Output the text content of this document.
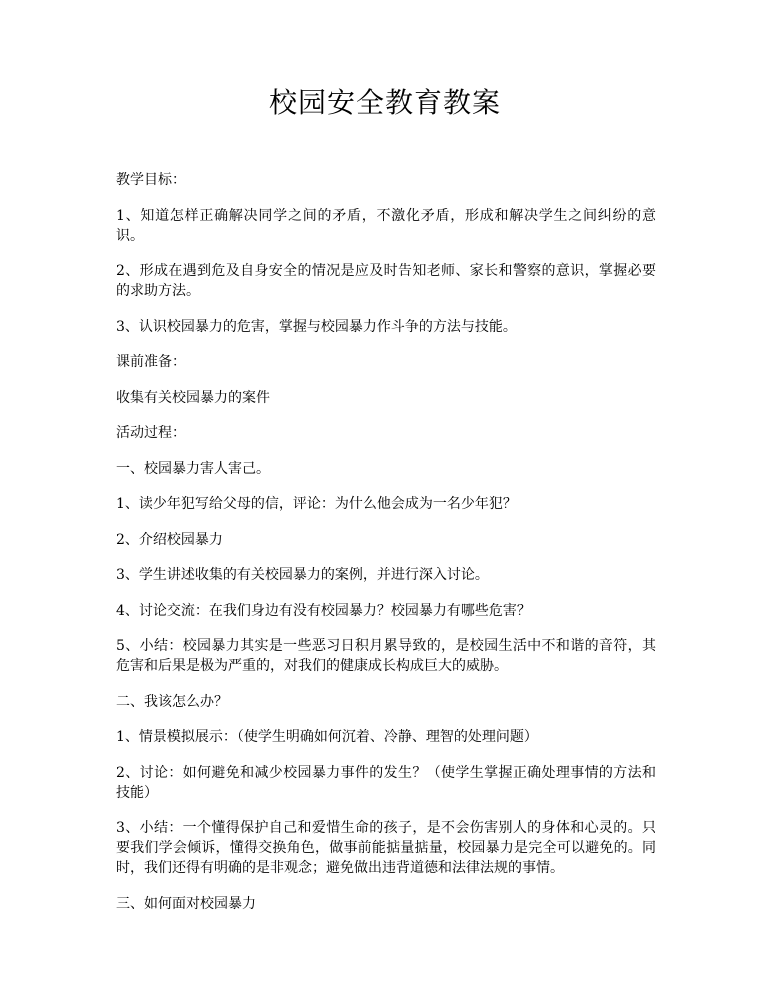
校园安全教育教案

教学目标：

1、知道怎样正确解决同学之间的矛盾，不激化矛盾，形成和解决学生之间纠纷的意识。

2、形成在遇到危及自身安全的情况是应及时告知老师、家长和警察的意识，掌握必要的求助方法。

3、认识校园暴力的危害，掌握与校园暴力作斗争的方法与技能。

课前准备：

收集有关校园暴力的案件

活动过程：

一、校园暴力害人害己。

1、读少年犯写给父母的信，评论：为什么他会成为一名少年犯？

2、介绍校园暴力

3、学生讲述收集的有关校园暴力的案例，并进行深入讨论。

4、讨论交流：在我们身边有没有校园暴力？校园暴力有哪些危害？

5、小结：校园暴力其实是一些恶习日积月累导致的，是校园生活中不和谐的音符，其危害和后果是极为严重的，对我们的健康成长构成巨大的威胁。

二、我该怎么办？

1、情景模拟展示：（使学生明确如何沉着、冷静、理智的处理问题）

2、讨论：如何避免和减少校园暴力事件的发生？（使学生掌握正确处理事情的方法和技能）

3、小结：一个懂得保护自己和爱惜生命的孩子，是不会伤害别人的身体和心灵的。只要我们学会倾诉，懂得交换角色，做事前能掂量掂量，校园暴力是完全可以避免的。同时，我们还得有明确的是非观念；避免做出违背道德和法律法规的事情。

三、如何面对校园暴力
